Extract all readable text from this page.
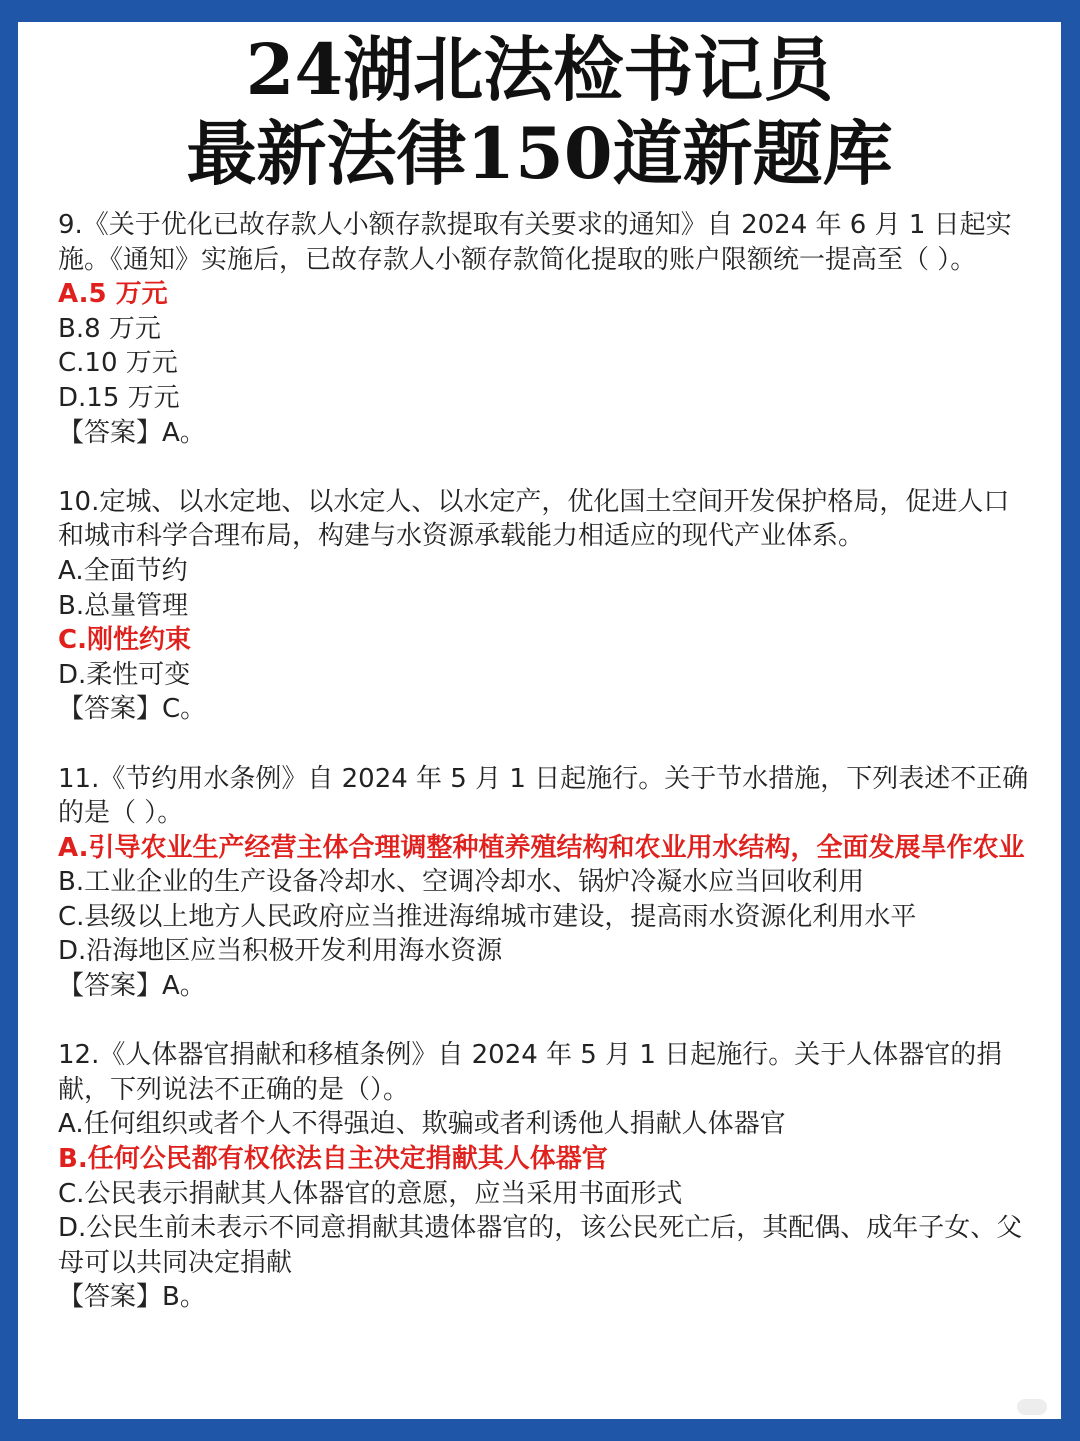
24湖北法检书记员
最新法律150道新题库
9.《关于优化已故存款人小额存款提取有关要求的通知》自 2024 年 6 月 1 日起实施。《通知》实施后，已故存款人小额存款简化提取的账户限额统一提高至（ ）。
A.5 万元
B.8 万元
C.10 万元
D.15 万元
【答案】A。
10.定城、以水定地、以水定人、以水定产，优化国土空间开发保护格局，促进人口和城市科学合理布局，构建与水资源承载能力相适应的现代产业体系。
A.全面节约
B.总量管理
C.刚性约束
D.柔性可变
【答案】C。
11.《节约用水条例》自 2024 年 5 月 1 日起施行。关于节水措施，下列表述不正确的是（ ）。
A.引导农业生产经营主体合理调整种植养殖结构和农业用水结构，全面发展旱作农业
B.工业企业的生产设备冷却水、空调冷却水、锅炉冷凝水应当回收利用
C.县级以上地方人民政府应当推进海绵城市建设，提高雨水资源化利用水平
D.沿海地区应当积极开发利用海水资源
【答案】A。
12.《人体器官捐献和移植条例》自 2024 年 5 月 1 日起施行。关于人体器官的捐献，下列说法不正确的是（）。
A.任何组织或者个人不得强迫、欺骗或者利诱他人捐献人体器官
B.任何公民都有权依法自主决定捐献其人体器官
C.公民表示捐献其人体器官的意愿，应当采用书面形式
D.公民生前未表示不同意捐献其遗体器官的，该公民死亡后，其配偶、成年子女、父母可以共同决定捐献
【答案】B。
